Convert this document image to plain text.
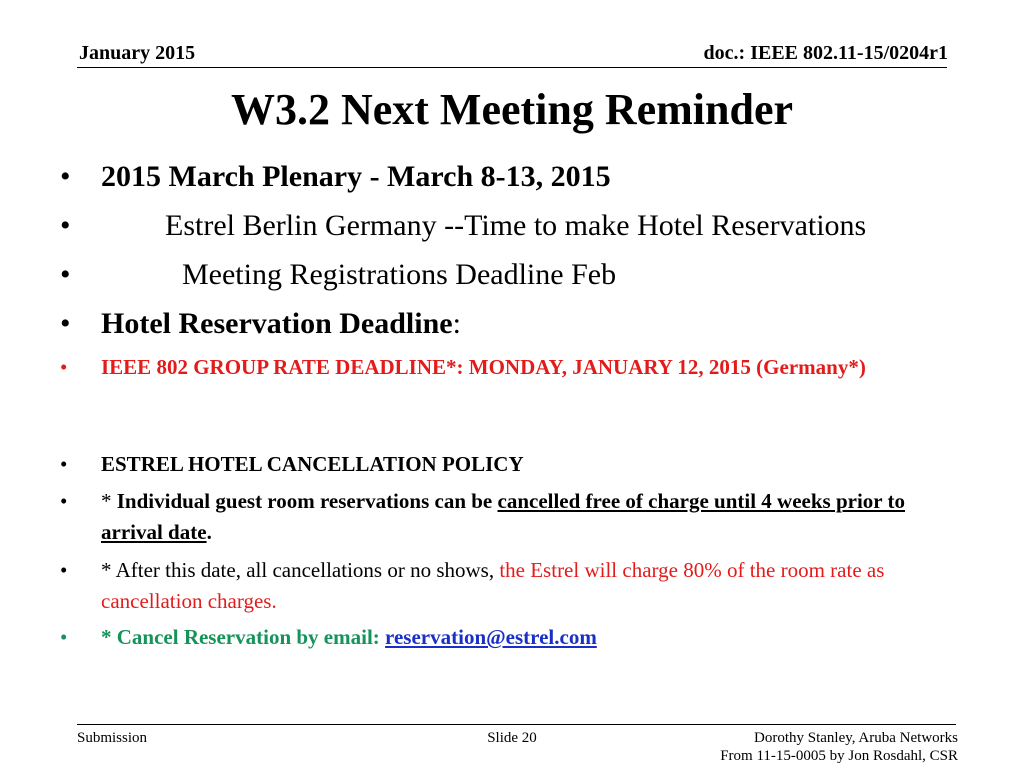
January 2015	doc.: IEEE 802.11-15/0204r1
W3.2 Next Meeting Reminder
• 2015 March Plenary - March 8-13, 2015
•	Estrel Berlin Germany --Time to make Hotel Reservations
•	Meeting Registrations Deadline Feb
• Hotel Reservation Deadline:
• IEEE 802 GROUP RATE DEADLINE*: MONDAY, JANUARY 12, 2015 (Germany*)
• ESTREL HOTEL CANCELLATION POLICY
• * Individual guest room reservations can be cancelled free of charge until 4 weeks prior to arrival date.
• * After this date, all cancellations or no shows, the Estrel will charge 80% of the room rate as cancellation charges.
• * Cancel Reservation by email: reservation@estrel.com
Submission	Slide 20	Dorothy Stanley, Aruba Networks
From 11-15-0005 by Jon Rosdahl, CSR
